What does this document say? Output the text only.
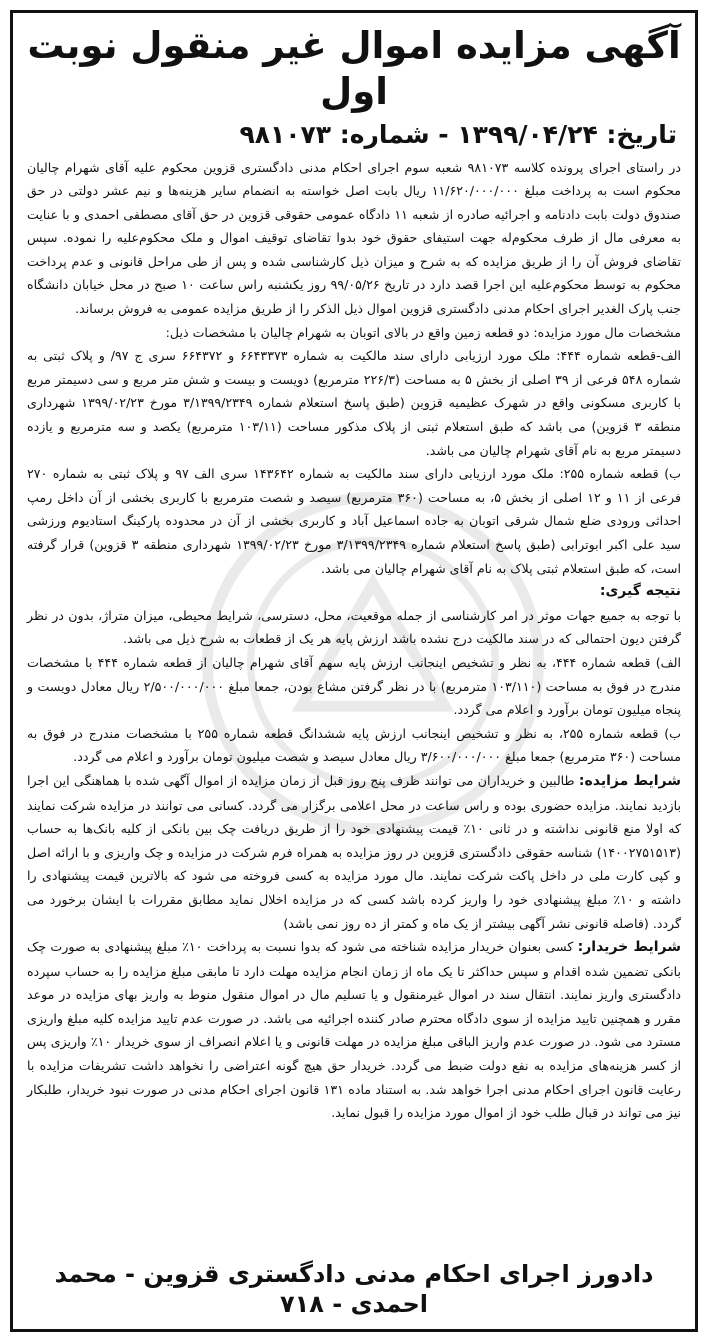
آگهی مزایده اموال غیر منقول نوبت اول
تاریخ: ۱۳۹۹/۰۴/۲۴ - شماره: ۹۸۱۰۷۳

در راستای اجرای پرونده کلاسه ۹۸۱۰۷۳ شعبه سوم اجرای احکام مدنی دادگستری قزوین محکوم علیه آقای شهرام چالیان محکوم است به پرداخت مبلغ ۱۱/۶۲۰/۰۰۰/۰۰۰ ریال بابت اصل خواسته به انضمام سایر هزینه‌ها و نیم عشر دولتی در حق صندوق دولت بابت دادنامه و اجرائیه صادره از شعبه ۱۱ دادگاه عمومی حقوقی قزوین در حق آقای مصطفی احمدی و با عنایت به معرفی مال از طرف محکوم‌له جهت استیفای حقوق خود بدوا تقاضای توقیف اموال و ملک محکوم‌علیه را نموده. سپس تقاضای فروش آن را از طریق مزایده که به شرح و میزان ذیل کارشناسی شده و پس از طی مراحل قانونی و عدم پرداخت محکوم به توسط محکوم‌علیه این اجرا قصد دارد در تاریخ ۹۹/۰۵/۲۶ روز یکشنبه راس ساعت ۱۰ صبح در محل خیابان دانشگاه جنب پارک الغدیر اجرای احکام مدنی دادگستری قزوین اموال ذیل الذکر را از طریق مزایده عمومی به فروش برساند.

مشخصات مال مورد مزایده: دو قطعه زمین واقع در بالای اتوبان به شهرام چالیان با مشخصات ذیل:

الف-قطعه شماره ۴۴۴: ملک مورد ارزیابی دارای سند مالکیت به شماره ۶۶۴۳۳۷۳ و ۶۶۴۳۷۲ سری ج ۹۷/ و پلاک ثبتی به شماره ۵۴۸ فرعی از ۳۹ اصلی از بخش ۵ به مساحت (۲۲۶/۳ مترمربع) دویست و بیست و شش متر مربع و سی دسیمتر مربع با کاربری مسکونی واقع در شهرک عظیمیه قزوین (طبق پاسخ استعلام شماره ۳/۱۳۹۹/۲۳۴۹ مورخ ۱۳۹۹/۰۲/۲۳ شهرداری منطقه ۳ قزوین) می باشد که طبق استعلام ثبتی از پلاک مذکور مساحت (۱۰۳/۱۱ مترمربع) یکصد و سه مترمربع و یازده دسیمتر مربع به نام آقای شهرام چالیان می باشد.

ب) قطعه شماره ۲۵۵: ملک مورد ارزیابی دارای سند مالکیت به شماره ۱۴۳۶۴۲ سری الف ۹۷ و پلاک ثبتی به شماره ۲۷۰ فرعی از ۱۱ و ۱۲ اصلی از بخش ۵، به مساحت (۳۶۰ مترمربع) سیصد و شصت مترمربع با کاربری بخشی از آن داخل رمپ احداثی ورودی ضلع شمال شرقی اتوبان به جاده اسماعیل آباد و کاربری بخشی از آن در محدوده پارکینگ استادیوم ورزشی سید علی اکبر ابوترابی (طبق پاسخ استعلام شماره ۳/۱۳۹۹/۲۳۴۹ مورخ ۱۳۹۹/۰۲/۲۳ شهرداری منطقه ۳ قزوین) قرار گرفته است، که طبق استعلام ثبتی پلاک به نام آقای شهرام چالیان می باشد.

نتیجه گیری:

با توجه به جمیع جهات موثر در امر کارشناسی از جمله موقعیت، محل، دسترسی، شرایط محیطی، میزان متراژ، بدون در نظر گرفتن دیون احتمالی که در سند مالکیت درج نشده باشد ارزش پایه هر یک از قطعات به شرح ذیل می باشد.

الف) قطعه شماره ۴۴۴، به نظر و تشخیص اینجانب ارزش پایه سهم آقای شهرام چالیان از قطعه شماره ۴۴۴ با مشخصات مندرج در فوق به مساحت (۱۰۳/۱۱۰ مترمربع) با در نظر گرفتن مشاع بودن، جمعا مبلغ ۲/۵۰۰/۰۰۰/۰۰۰ ریال معادل دویست و پنجاه میلیون تومان برآورد و اعلام می گردد.

ب) قطعه شماره ۲۵۵، به نظر و تشخیص اینجانب ارزش پایه ششدانگ قطعه شماره ۲۵۵ با مشخصات مندرج در فوق به مساحت (۳۶۰ مترمربع) جمعا مبلغ ۳/۶۰۰/۰۰۰/۰۰۰ ریال معادل سیصد و شصت میلیون تومان برآورد و اعلام می گردد.

شرایط مزایده: طالبین و خریداران می توانند ظرف پنج روز قبل از زمان مزایده از اموال آگهی شده با هماهنگی این اجرا بازدید نمایند. مزایده حضوری بوده و راس ساعت در محل اعلامی برگزار می گردد. کسانی می توانند در مزایده شرکت نمایند که اولا منع قانونی نداشته و در ثانی ۱۰٪ قیمت پیشنهادی خود را از طریق دریافت چک بین بانکی از کلیه بانک‌ها به حساب (۱۴۰۰۲۷۵۱۵۱۳) شناسه حقوقی دادگستری قزوین در روز مزایده به همراه فرم شرکت در مزایده و چک واریزی و با ارائه اصل و کپی کارت ملی در داخل پاکت شرکت نمایند. مال مورد مزایده به کسی فروخته می شود که بالاترین قیمت پیشنهادی را داشته و ۱۰٪ مبلغ پیشنهادی خود را واریز کرده باشد کسی که در مزایده اخلال نماید مطابق مقررات با ایشان برخورد می گردد. (فاصله قانونی نشر آگهی بیشتر از یک ماه و کمتر از ده روز نمی باشد)

شرایط خریدار: کسی بعنوان خریدار مزایده شناخته می شود که بدوا نسبت به پرداخت ۱۰٪ مبلغ پیشنهادی به صورت چک بانکی تضمین شده اقدام و سپس حداکثر تا یک ماه از زمان انجام مزایده مهلت دارد تا مابقی مبلغ مزایده را به حساب سپرده دادگستری واریز نمایند. انتقال سند در اموال غیرمنقول و یا تسلیم مال در اموال منقول منوط به واریز بهای مزایده در موعد مقرر و همچنین تایید مزایده از سوی دادگاه محترم صادر کننده اجرائیه می باشد. در صورت عدم تایید مزایده کلیه مبلغ واریزی مسترد می شود. در صورت عدم واریز الباقی مبلغ مزایده در مهلت قانونی و یا اعلام انصراف از سوی خریدار ۱۰٪ واریزی پس از کسر هزینه‌های مزایده به نفع دولت ضبط می گردد. خریدار حق هیچ گونه اعتراضی را نخواهد داشت تشریفات مزایده با رعایت قانون اجرای احکام مدنی اجرا خواهد شد. به استناد ماده ۱۳۱ قانون اجرای احکام مدنی در صورت نبود خریدار، طلبکار نیز می تواند در قبال طلب خود از اموال مورد مزایده را قبول نماید.

دادورز اجرای احکام مدنی دادگستری قزوین - محمد احمدی - ۷۱۸
